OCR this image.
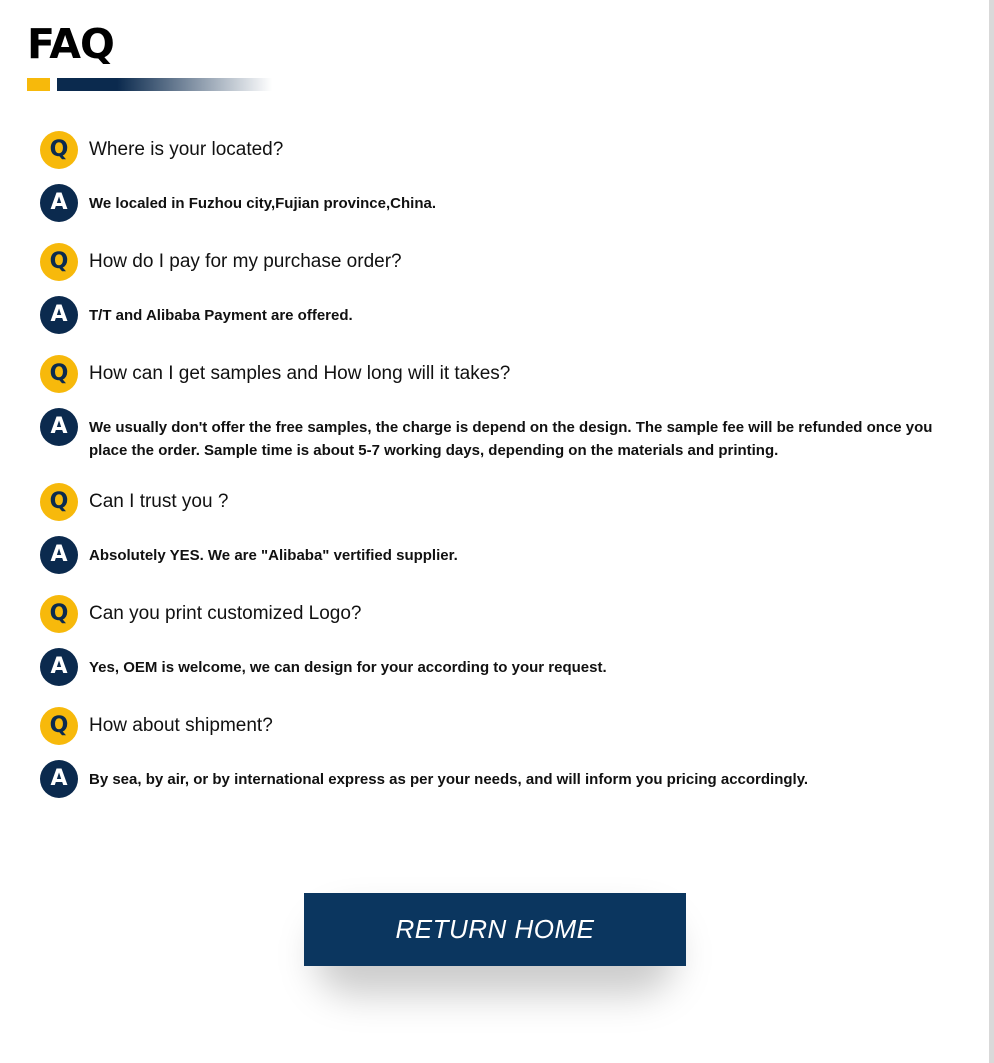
FAQ
Q	Where is your located?
A	We localed in Fuzhou city,Fujian province,China.
Q	How do I pay for my purchase order?
A	T/T and Alibaba Payment are offered.
Q	How can I get samples and How long will it takes?
A	We usually don't offer the free samples, the charge is depend on the design. The sample fee will be refunded once you place the order. Sample time is about 5-7 working days, depending on the materials and printing.
Q	Can I trust you ?
A	Absolutely YES. We are "Alibaba" vertified supplier.
Q	Can you print customized Logo?
A	Yes, OEM is welcome, we can design for your according to your request.
Q	How about shipment?
A	By sea, by air, or by international express as per your needs, and will inform you pricing accordingly.
RETURN HOME
